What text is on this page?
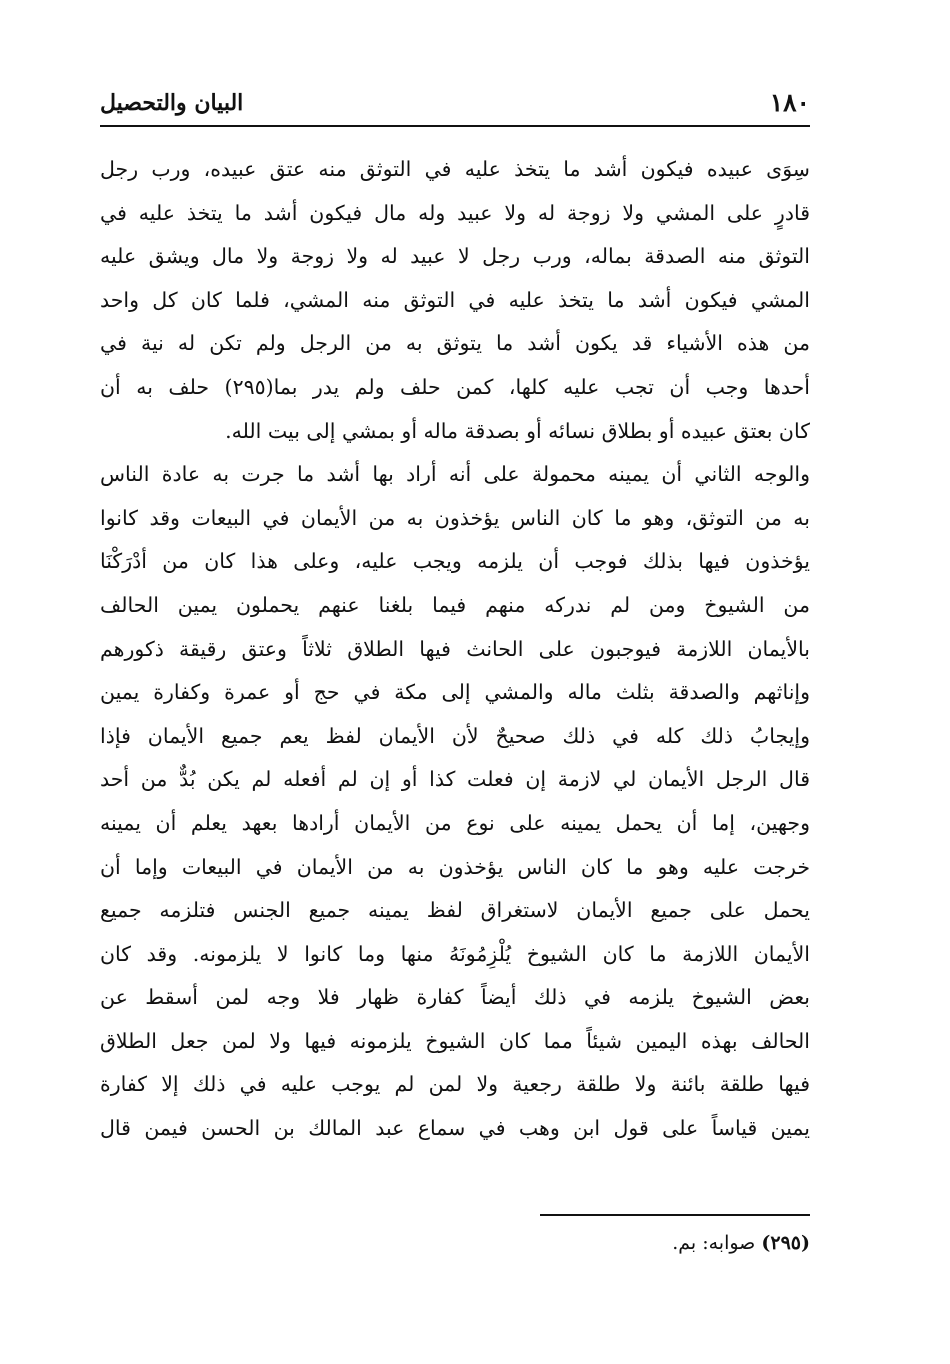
١٨٠
البيان والتحصيل
سِوَى عبيده فيكون أشد ما يتخذ عليه في التوثق منه عتق عبيده، ورب رجل
قادرٍ على المشي ولا زوجة له ولا عبيد وله مال فيكون أشد ما يتخذ عليه في
التوثق منه الصدقة بماله، ورب رجل لا عبيد له ولا زوجة ولا مال ويشق عليه
المشي فيكون أشد ما يتخذ عليه في التوثق منه المشي، فلما كان كل واحد
من هذه الأشياء قد يكون أشد ما يتوثق به من الرجل ولم تكن له نية في
أحدها وجب أن تجب عليه كلها، كمن حلف ولم يدر بما(٢٩٥) حلف به أن
كان بعتق عبيده أو بطلاق نسائه أو بصدقة ماله أو بمشي إلى بيت الله.
والوجه الثاني أن يمينه محمولة على أنه أراد بها أشد ما جرت به عادة الناس
به من التوثق، وهو ما كان الناس يؤخذون به من الأيمان في البيعات وقد كانوا
يؤخذون فيها بذلك فوجب أن يلزمه ويجب عليه، وعلى هذا كان من أدْرَكْنَا
من الشيوخ ومن لم ندركه منهم فيما بلغنا عنهم يحملون يمين الحالف
بالأيمان اللازمة فيوجبون على الحانث فيها الطلاق ثلاثاً وعتق رقيقة ذكورهم
وإناثهم والصدقة بثلث ماله والمشي إلى مكة في حج أو عمرة وكفارة يمين
وإيجابُ ذلك كله في ذلك صحيحٌ لأن الأيمان لفظ يعم جميع الأيمان فإذا
قال الرجل الأيمان لي لازمة إن فعلت كذا أو إن لم أفعله لم يكن بُدٌّ من أحد
وجهين، إما أن يحمل يمينه على نوع من الأيمان أرادها بعهد يعلم أن يمينه
خرجت عليه وهو ما كان الناس يؤخذون به من الأيمان في البيعات وإما أن
يحمل على جميع الأيمان لاستغراق لفظ يمينه جميع الجنس فتلزمه جميع
الأيمان اللازمة ما كان الشيوخ يُلْزِمُونَهُ منها وما كانوا لا يلزمونه. وقد كان
بعض الشيوخ يلزمه في ذلك أيضاً كفارة ظهار فلا وجه لمن أسقط عن
الحالف بهذه اليمين شيئاً مما كان الشيوخ يلزمونه فيها ولا لمن جعل الطلاق
فيها طلقة بائنة ولا طلقة رجعية ولا لمن لم يوجب عليه في ذلك إلا كفارة
يمين قياساً على قول ابن وهب في سماع عبد المالك بن الحسن فيمن قال
(٢٩٥) صوابه: بم.
